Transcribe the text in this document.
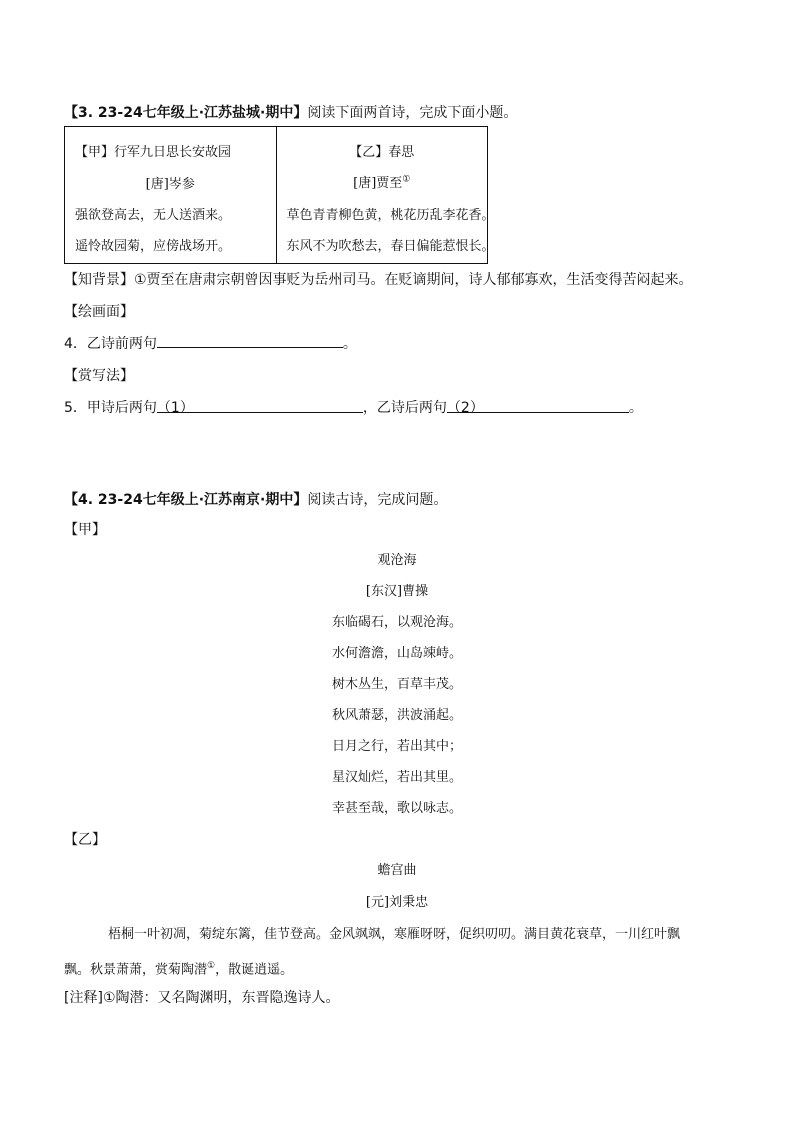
【3. 23-24七年级上·江苏盐城·期中】阅读下面两首诗，完成下面小题。
【甲】行军九日思长安故园
[唐]岑参
强欲登高去，无人送酒来。
遥怜故园菊，应傍战场开。

【乙】春思
[唐]贾至①
草色青青柳色黄，桃花历乱李花香。
东风不为吹愁去，春日偏能惹恨长。
【知背景】①贾至在唐肃宗朝曾因事贬为岳州司马。在贬谪期间，诗人郁郁寡欢，生活变得苦闷起来。
【绘画面】
4．乙诗前两句	。
【赏写法】
5．甲诗后两句（1）	，乙诗后两句（2）	。
【4. 23-24七年级上·江苏南京·期中】阅读古诗，完成问题。
【甲】
观沧海
[东汉]曹操
东临碣石，以观沧海。
水何澹澹，山岛竦峙。
树木丛生，百草丰茂。
秋风萧瑟，洪波涌起。
日月之行，若出其中；
星汉灿烂，若出其里。
幸甚至哉，歌以咏志。
【乙】
蟾宫曲
[元]刘秉忠
梧桐一叶初凋，菊绽东篱，佳节登高。金风飒飒，寒雁呀呀，促织叨叨。满目黄花衰草，一川红叶飘
飘。秋景萧萧，赏菊陶潜①，散诞逍遥。
[注释]①陶潜：又名陶渊明，东晋隐逸诗人。
